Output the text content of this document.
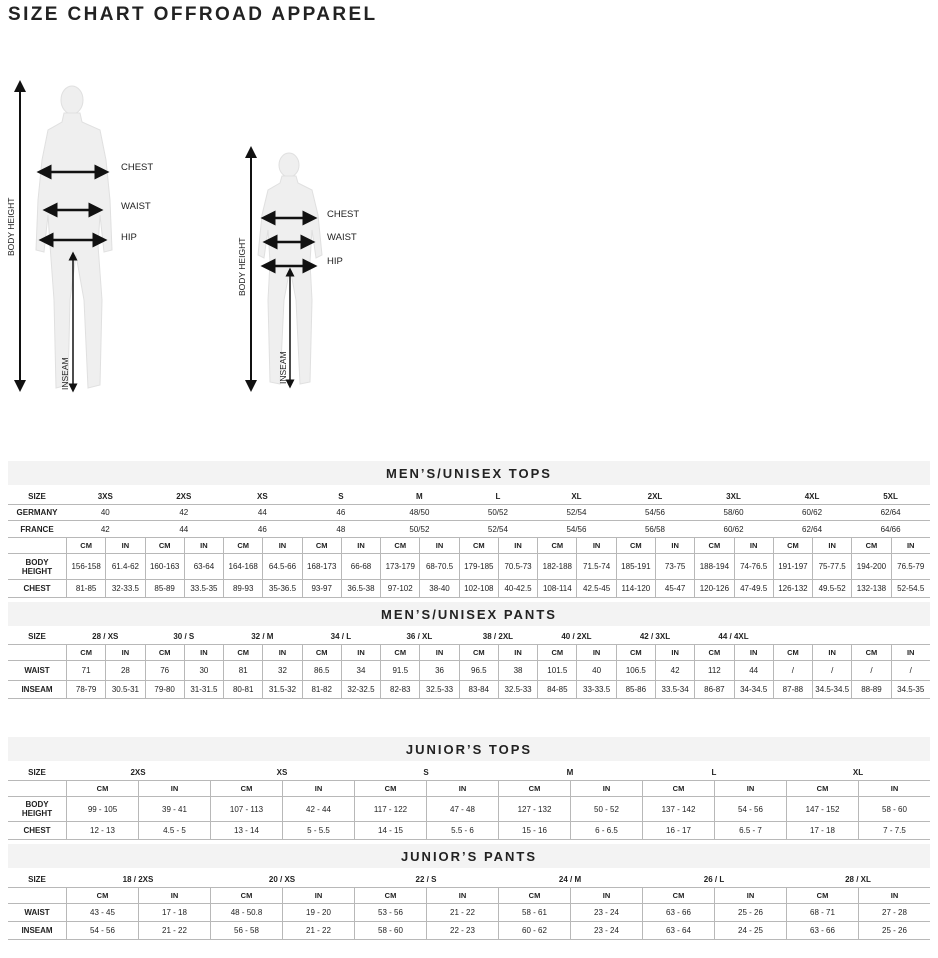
SIZE CHART OFFROAD APPAREL
BODY HEIGHT
CHEST
WAIST
HIP
INSEAM
BODY HEIGHT
CHEST
WAIST
HIP
INSEAM
MEN’S/UNISEX TOPS
SIZE	3XS	2XS	XS	S	M	L	XL	2XL	3XL	4XL	5XL
GERMANY	40	42	44	46	48/50	50/52	52/54	54/56	58/60	60/62	62/64
FRANCE	42	44	46	48	50/52	52/54	54/56	56/58	60/62	62/64	64/66
CM	IN	CM	IN	CM	IN	CM	IN	CM	IN	CM	IN	CM	IN	CM	IN	CM	IN	CM	IN	CM	IN
BODY HEIGHT	156-158	61.4-62	160-163	63-64	164-168	64.5-66	168-173	66-68	173-179	68-70.5	179-185	70.5-73	182-188	71.5-74	185-191	73-75	188-194	74-76.5	191-197	75-77.5	194-200	76.5-79
CHEST	81-85	32-33.5	85-89	33.5-35	89-93	35-36.5	93-97	36.5-38	97-102	38-40	102-108	40-42.5	108-114	42.5-45	114-120	45-47	120-126	47-49.5	126-132	49.5-52	132-138	52-54.5
MEN’S/UNISEX PANTS
SIZE	28 / XS	30 / S	32 / M	34 / L	36 / XL	38 / 2XL	40 / 2XL	42 / 3XL	44 / 4XL
CM	IN	CM	IN	CM	IN	CM	IN	CM	IN	CM	IN	CM	IN	CM	IN	CM	IN	CM	IN	CM	IN
WAIST	71	28	76	30	81	32	86.5	34	91.5	36	96.5	38	101.5	40	106.5	42	112	44	/	/	/	/
INSEAM	78-79	30.5-31	79-80	31-31.5	80-81	31.5-32	81-82	32-32.5	82-83	32.5-33	83-84	32.5-33	84-85	33-33.5	85-86	33.5-34	86-87	34-34.5	87-88	34.5-34.5	88-89	34.5-35
JUNIOR’S TOPS
SIZE	2XS	XS	S	M	L	XL
CM	IN	CM	IN	CM	IN	CM	IN	CM	IN	CM	IN
BODY HEIGHT	99 - 105	39 - 41	107 - 113	42 - 44	117 - 122	47 - 48	127 - 132	50 - 52	137 - 142	54 - 56	147 - 152	58 - 60
CHEST	12 - 13	4.5 - 5	13 - 14	5 - 5.5	14 - 15	5.5 - 6	15 - 16	6 - 6.5	16 - 17	6.5 - 7	17 - 18	7 - 7.5
JUNIOR’S PANTS
SIZE	18 / 2XS	20 / XS	22 / S	24 / M	26 / L	28 / XL
CM	IN	CM	IN	CM	IN	CM	IN	CM	IN	CM	IN
WAIST	43 - 45	17 - 18	48 - 50.8	19 - 20	53 - 56	21 - 22	58 - 61	23 - 24	63 - 66	25 - 26	68 - 71	27 - 28
INSEAM	54 - 56	21 - 22	56 - 58	21 - 22	58 - 60	22 - 23	60 - 62	23 - 24	63 - 64	24 - 25	63 - 66	25 - 26
